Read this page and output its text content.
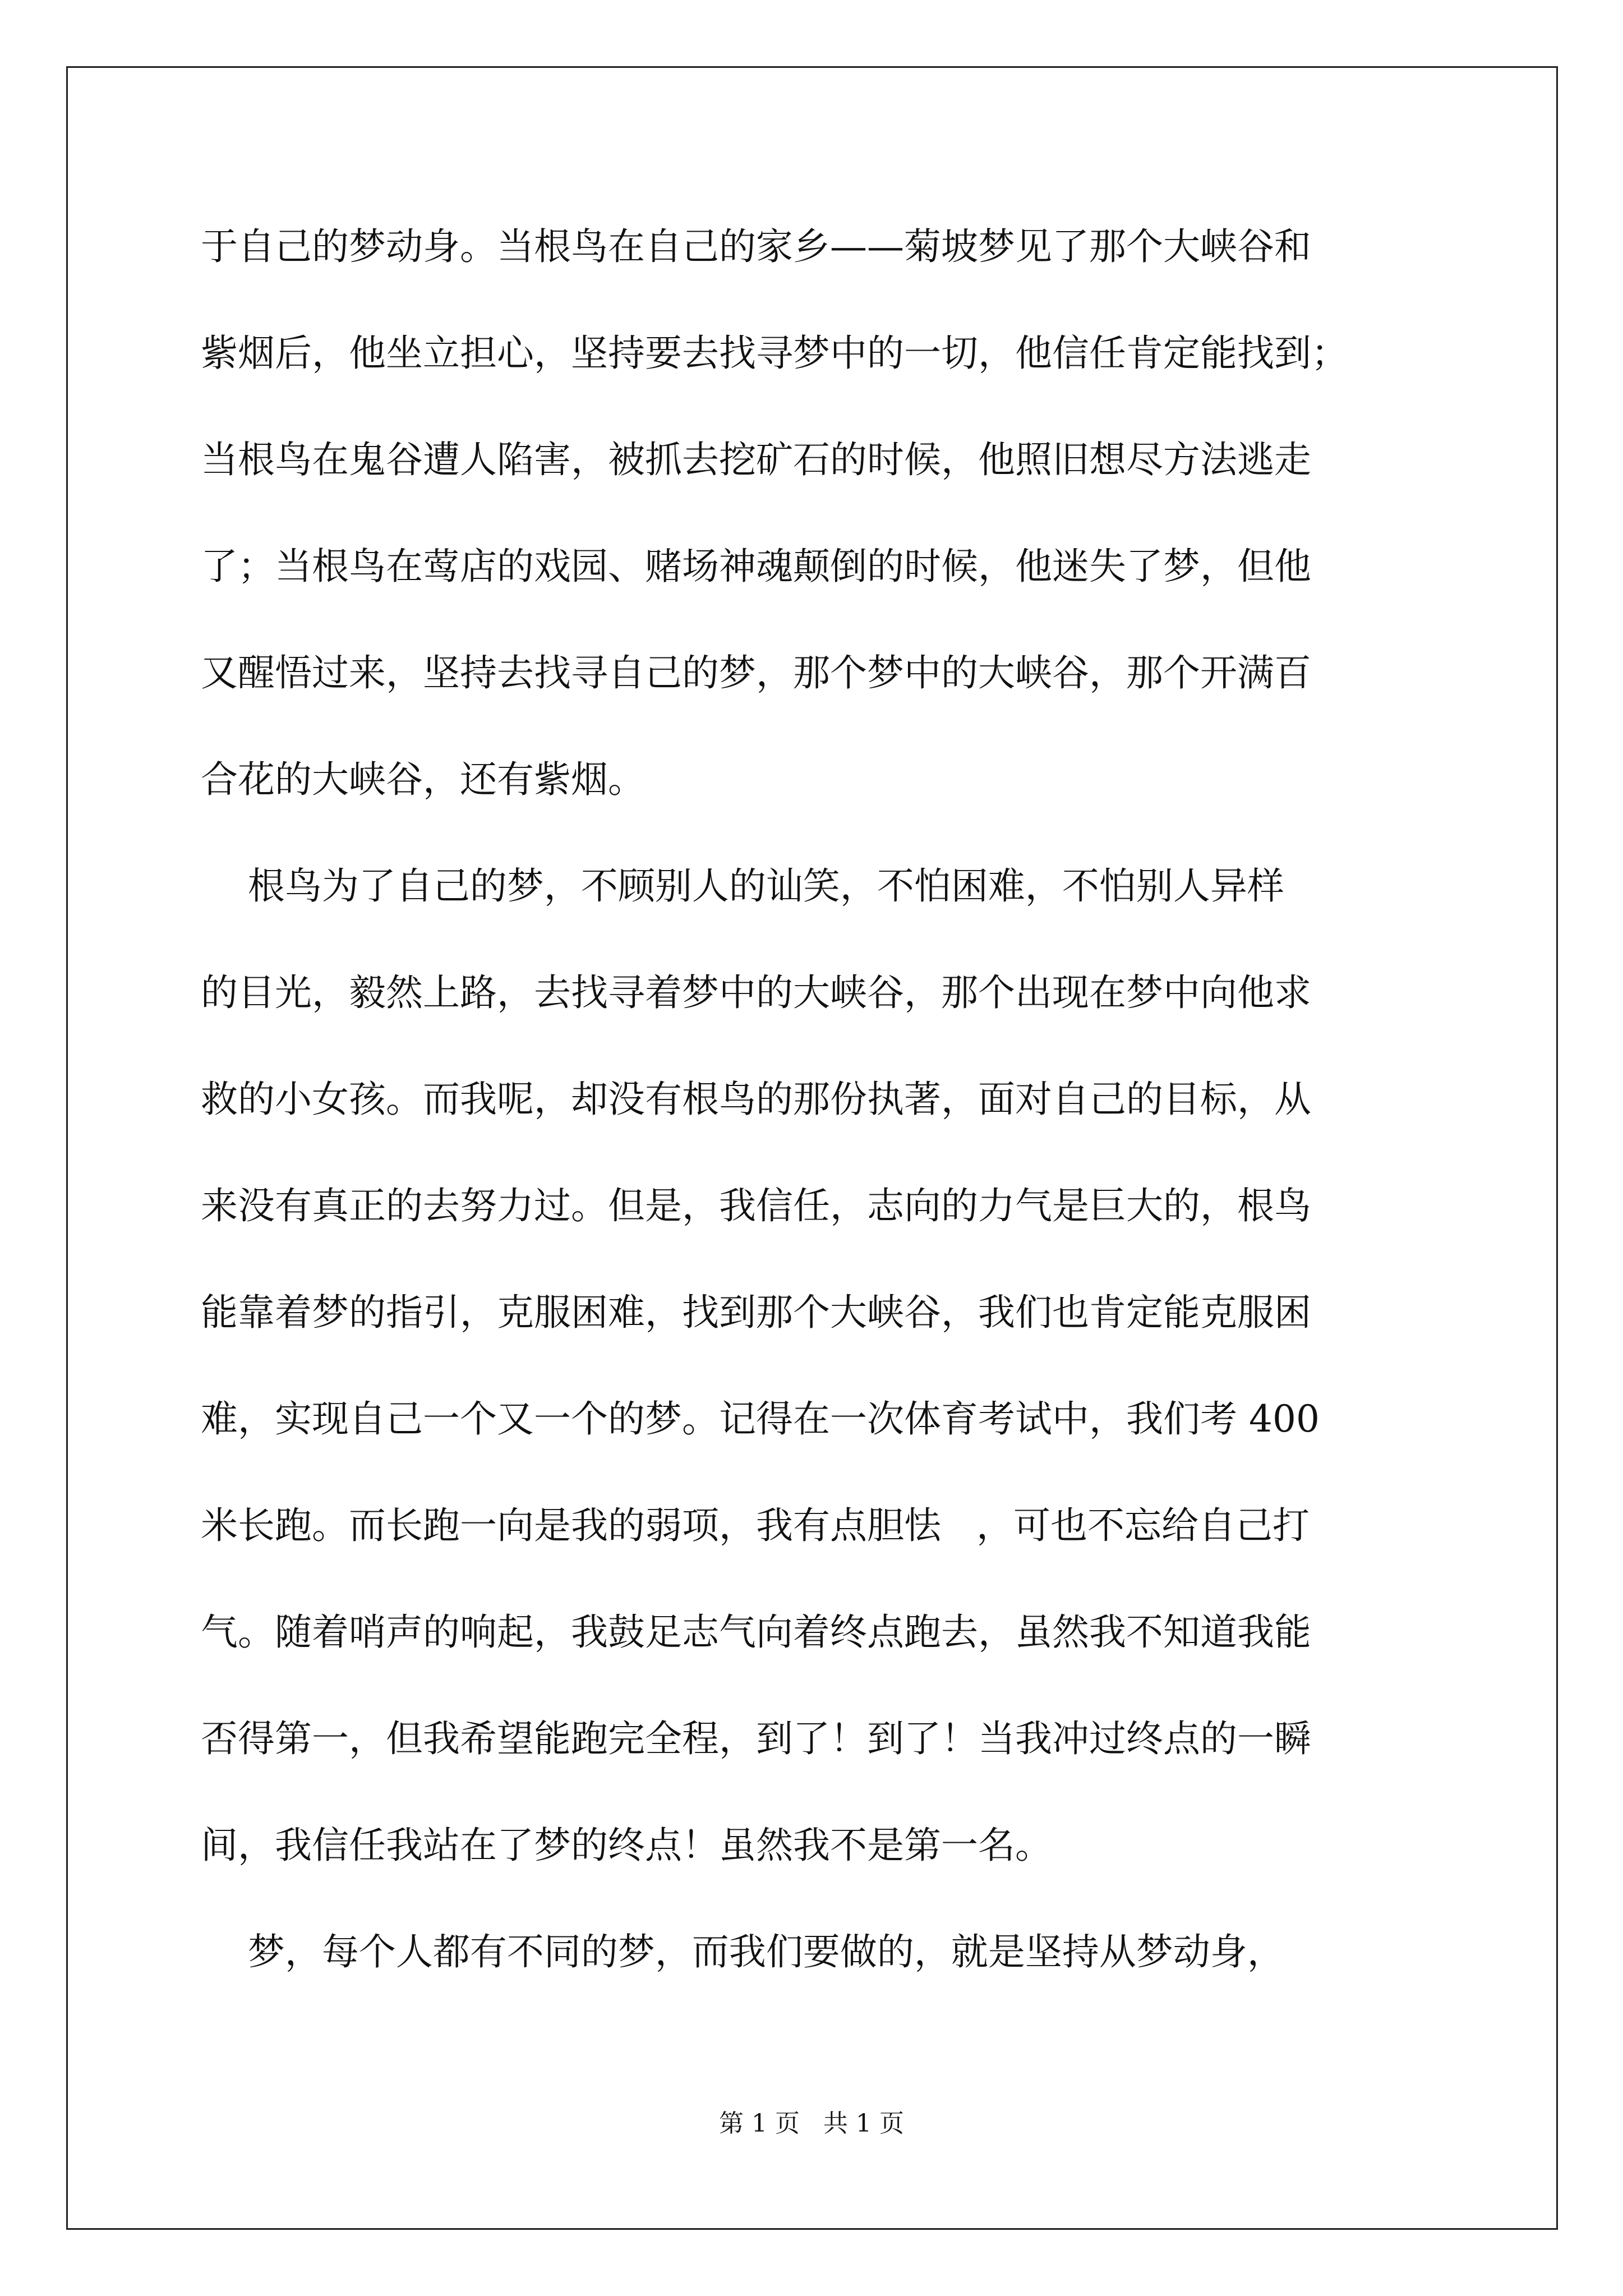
于自己的梦动身。当根鸟在自己的家乡——菊坡梦见了那个大峡谷和

紫烟后，他坐立担心，坚持要去找寻梦中的一切，他信任肯定能找到；

当根鸟在鬼谷遭人陷害，被抓去挖矿石的时候，他照旧想尽方法逃走

了；当根鸟在莺店的戏园、赌场神魂颠倒的时候，他迷失了梦，但他

又醒悟过来，坚持去找寻自己的梦，那个梦中的大峡谷，那个开满百

合花的大峡谷，还有紫烟。

根鸟为了自己的梦，不顾别人的讪笑，不怕困难，不怕别人异样

的目光，毅然上路，去找寻着梦中的大峡谷，那个出现在梦中向他求

救的小女孩。而我呢，却没有根鸟的那份执著，面对自己的目标，从

来没有真正的去努力过。但是，我信任，志向的力气是巨大的，根鸟

能靠着梦的指引，克服困难，找到那个大峡谷，我们也肯定能克服困

难，实现自己一个又一个的梦。记得在一次体育考试中，我们考 400

米长跑。而长跑一向是我的弱项，我有点胆怯   ，可也不忘给自己打

气。随着哨声的响起，我鼓足志气向着终点跑去，虽然我不知道我能

否得第一，但我希望能跑完全程，到了！到了！当我冲过终点的一瞬

间，我信任我站在了梦的终点！虽然我不是第一名。

梦，每个人都有不同的梦，而我们要做的，就是坚持从梦动身，

第 1 页   共 1 页
